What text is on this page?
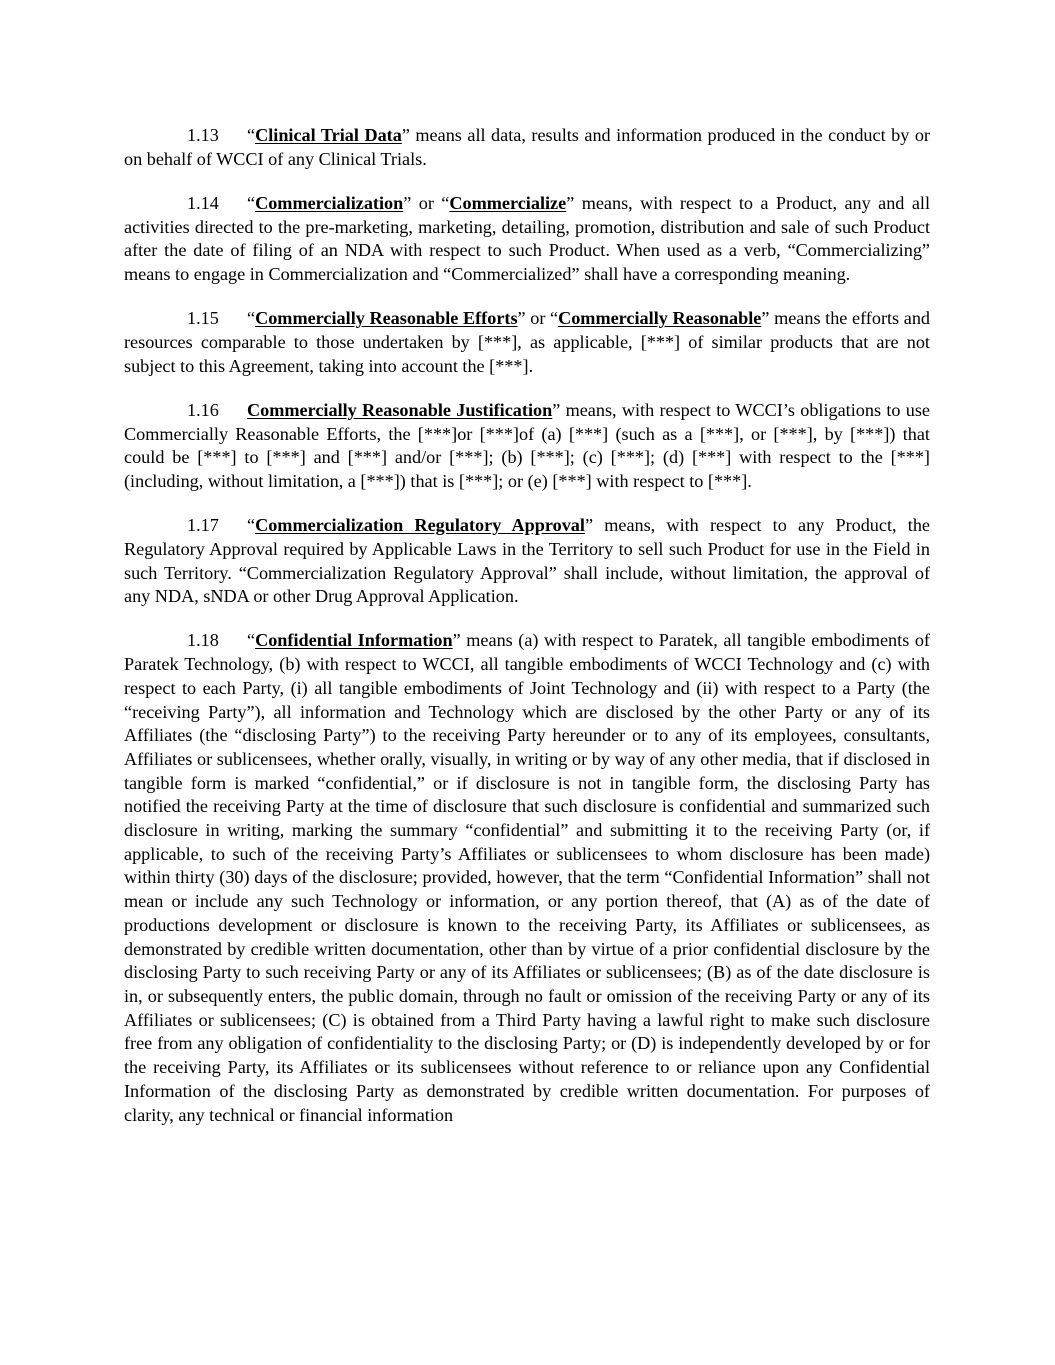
1.13 “Clinical Trial Data” means all data, results and information produced in the conduct by or on behalf of WCCI of any Clinical Trials.

1.14 “Commercialization” or “Commercialize” means, with respect to a Product, any and all activities directed to the pre-marketing, marketing, detailing, promotion, distribution and sale of such Product after the date of filing of an NDA with respect to such Product. When used as a verb, “Commercializing” means to engage in Commercialization and “Commercialized” shall have a corresponding meaning.

1.15 “Commercially Reasonable Efforts” or “Commercially Reasonable” means the efforts and resources comparable to those undertaken by [***], as applicable, [***] of similar products that are not subject to this Agreement, taking into account the [***].

1.16 Commercially Reasonable Justification” means, with respect to WCCI’s obligations to use Commercially Reasonable Efforts, the [***]or [***]of (a) [***] (such as a [***], or [***], by [***]) that could be [***] to [***] and [***] and/or [***]; (b) [***]; (c) [***]; (d) [***] with respect to the [***] (including, without limitation, a [***]) that is [***]; or (e) [***] with respect to [***].

1.17 “Commercialization Regulatory Approval” means, with respect to any Product, the Regulatory Approval required by Applicable Laws in the Territory to sell such Product for use in the Field in such Territory. “Commercialization Regulatory Approval” shall include, without limitation, the approval of any NDA, sNDA or other Drug Approval Application.

1.18 “Confidential Information” means (a) with respect to Paratek, all tangible embodiments of Paratek Technology, (b) with respect to WCCI, all tangible embodiments of WCCI Technology and (c) with respect to each Party, (i) all tangible embodiments of Joint Technology and (ii) with respect to a Party (the “receiving Party”), all information and Technology which are disclosed by the other Party or any of its Affiliates (the “disclosing Party”) to the receiving Party hereunder or to any of its employees, consultants, Affiliates or sublicensees, whether orally, visually, in writing or by way of any other media, that if disclosed in tangible form is marked “confidential,” or if disclosure is not in tangible form, the disclosing Party has notified the receiving Party at the time of disclosure that such disclosure is confidential and summarized such disclosure in writing, marking the summary “confidential” and submitting it to the receiving Party (or, if applicable, to such of the receiving Party’s Affiliates or sublicensees to whom disclosure has been made) within thirty (30) days of the disclosure; provided, however, that the term “Confidential Information” shall not mean or include any such Technology or information, or any portion thereof, that (A) as of the date of productions development or disclosure is known to the receiving Party, its Affiliates or sublicensees, as demonstrated by credible written documentation, other than by virtue of a prior confidential disclosure by the disclosing Party to such receiving Party or any of its Affiliates or sublicensees; (B) as of the date disclosure is in, or subsequently enters, the public domain, through no fault or omission of the receiving Party or any of its Affiliates or sublicensees; (C) is obtained from a Third Party having a lawful right to make such disclosure free from any obligation of confidentiality to the disclosing Party; or (D) is independently developed by or for the receiving Party, its Affiliates or its sublicensees without reference to or reliance upon any Confidential Information of the disclosing Party as demonstrated by credible written documentation. For purposes of clarity, any technical or financial information
